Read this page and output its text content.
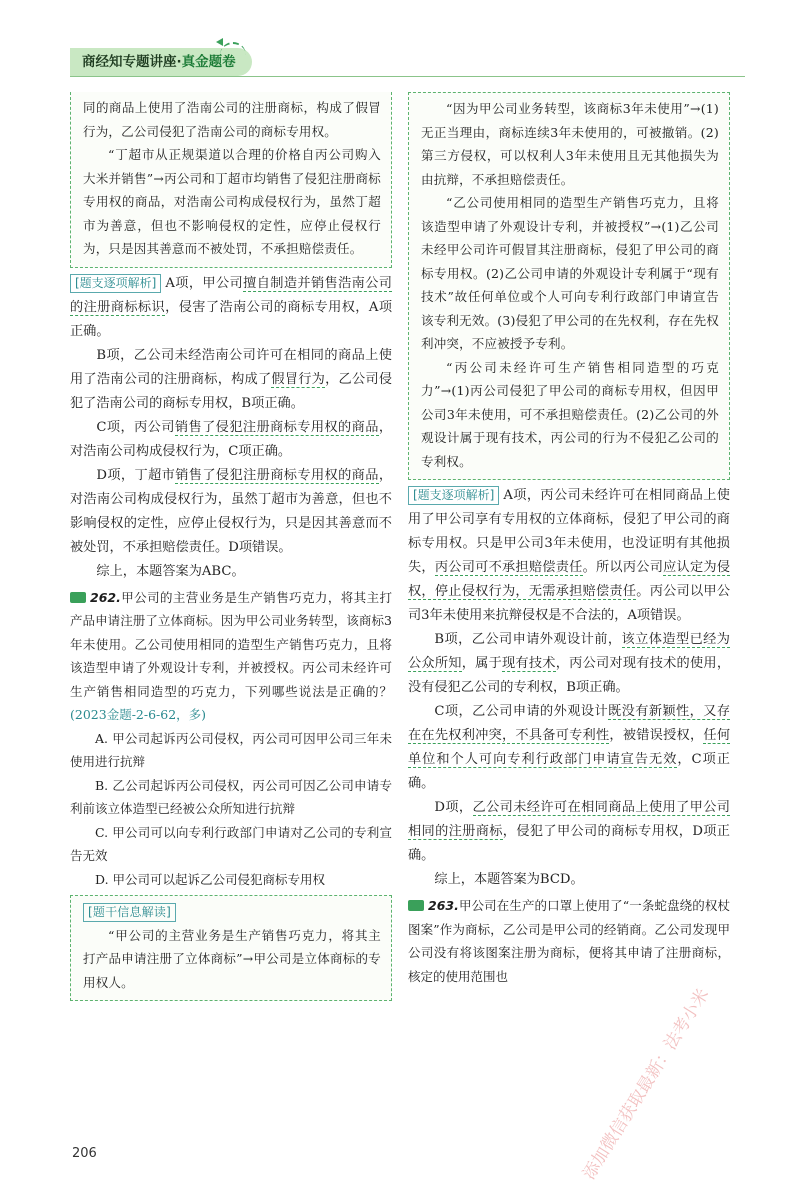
商经知专题讲座·真金题卷

同的商品上使用了浩南公司的注册商标，构成了假冒行为，乙公司侵犯了浩南公司的商标专用权。

“丁超市从正规渠道以合理的价格自丙公司购入大米并销售”→丙公司和丁超市均销售了侵犯注册商标专用权的商品，对浩南公司构成侵权行为，虽然丁超市为善意，但也不影响侵权的定性，应停止侵权行为，只是因其善意而不被处罚，不承担赔偿责任。

[题支逐项解析] A项，甲公司擅自制造并销售浩南公司的注册商标标识，侵害了浩南公司的商标专用权，A项正确。

B项，乙公司未经浩南公司许可在相同的商品上使用了浩南公司的注册商标，构成了假冒行为，乙公司侵犯了浩南公司的商标专用权，B项正确。

C项，丙公司销售了侵犯注册商标专用权的商品，对浩南公司构成侵权行为，C项正确。

D项，丁超市销售了侵犯注册商标专用权的商品，对浩南公司构成侵权行为，虽然丁超市为善意，但也不影响侵权的定性，应停止侵权行为，只是因其善意而不被处罚，不承担赔偿责任。D项错误。

综上，本题答案为ABC。

262.甲公司的主营业务是生产销售巧克力，将其主打产品申请注册了立体商标。因为甲公司业务转型，该商标3年未使用。乙公司使用相同的造型生产销售巧克力，且将该造型申请了外观设计专利，并被授权。丙公司未经许可生产销售相同造型的巧克力，下列哪些说法是正确的？(2023金题-2-6-62，多)

A. 甲公司起诉丙公司侵权，丙公司可因甲公司三年未使用进行抗辩

B. 乙公司起诉丙公司侵权，丙公司可因乙公司申请专利前该立体造型已经被公众所知进行抗辩

C. 甲公司可以向专利行政部门申请对乙公司的专利宣告无效

D. 甲公司可以起诉乙公司侵犯商标专用权

[题干信息解读]

“甲公司的主营业务是生产销售巧克力，将其主打产品申请注册了立体商标”→甲公司是立体商标的专用权人。

“因为甲公司业务转型，该商标3年未使用”→(1)无正当理由，商标连续3年未使用的，可被撤销。(2)第三方侵权，可以权利人3年未使用且无其他损失为由抗辩，不承担赔偿责任。

“乙公司使用相同的造型生产销售巧克力，且将该造型申请了外观设计专利，并被授权”→(1)乙公司未经甲公司许可假冒其注册商标，侵犯了甲公司的商标专用权。(2)乙公司申请的外观设计专利属于“现有技术”故任何单位或个人可向专利行政部门申请宣告该专利无效。(3)侵犯了甲公司的在先权利，存在先权利冲突，不应被授予专利。

“丙公司未经许可生产销售相同造型的巧克力”→(1)丙公司侵犯了甲公司的商标专用权，但因甲公司3年未使用，可不承担赔偿责任。(2)乙公司的外观设计属于现有技术，丙公司的行为不侵犯乙公司的专利权。

[题支逐项解析] A项，丙公司未经许可在相同商品上使用了甲公司享有专用权的立体商标，侵犯了甲公司的商标专用权。只是甲公司3年未使用，也没证明有其他损失，丙公司可不承担赔偿责任。所以丙公司应认定为侵权，停止侵权行为，无需承担赔偿责任。丙公司以甲公司3年未使用来抗辩侵权是不合法的，A项错误。

B项，乙公司申请外观设计前，该立体造型已经为公众所知，属于现有技术，丙公司对现有技术的使用，没有侵犯乙公司的专利权，B项正确。

C项，乙公司申请的外观设计既没有新颖性，又存在在先权利冲突，不具备可专利性，被错误授权，任何单位和个人可向专利行政部门申请宣告无效，C项正确。

D项，乙公司未经许可在相同商品上使用了甲公司相同的注册商标，侵犯了甲公司的商标专用权，D项正确。

综上，本题答案为BCD。

263.甲公司在生产的口罩上使用了“一条蛇盘绕的权杖图案”作为商标，乙公司是甲公司的经销商。乙公司发现甲公司没有将该图案注册为商标，便将其申请了注册商标，核定的使用范围也

206	添加微信获取最新：法考小米
